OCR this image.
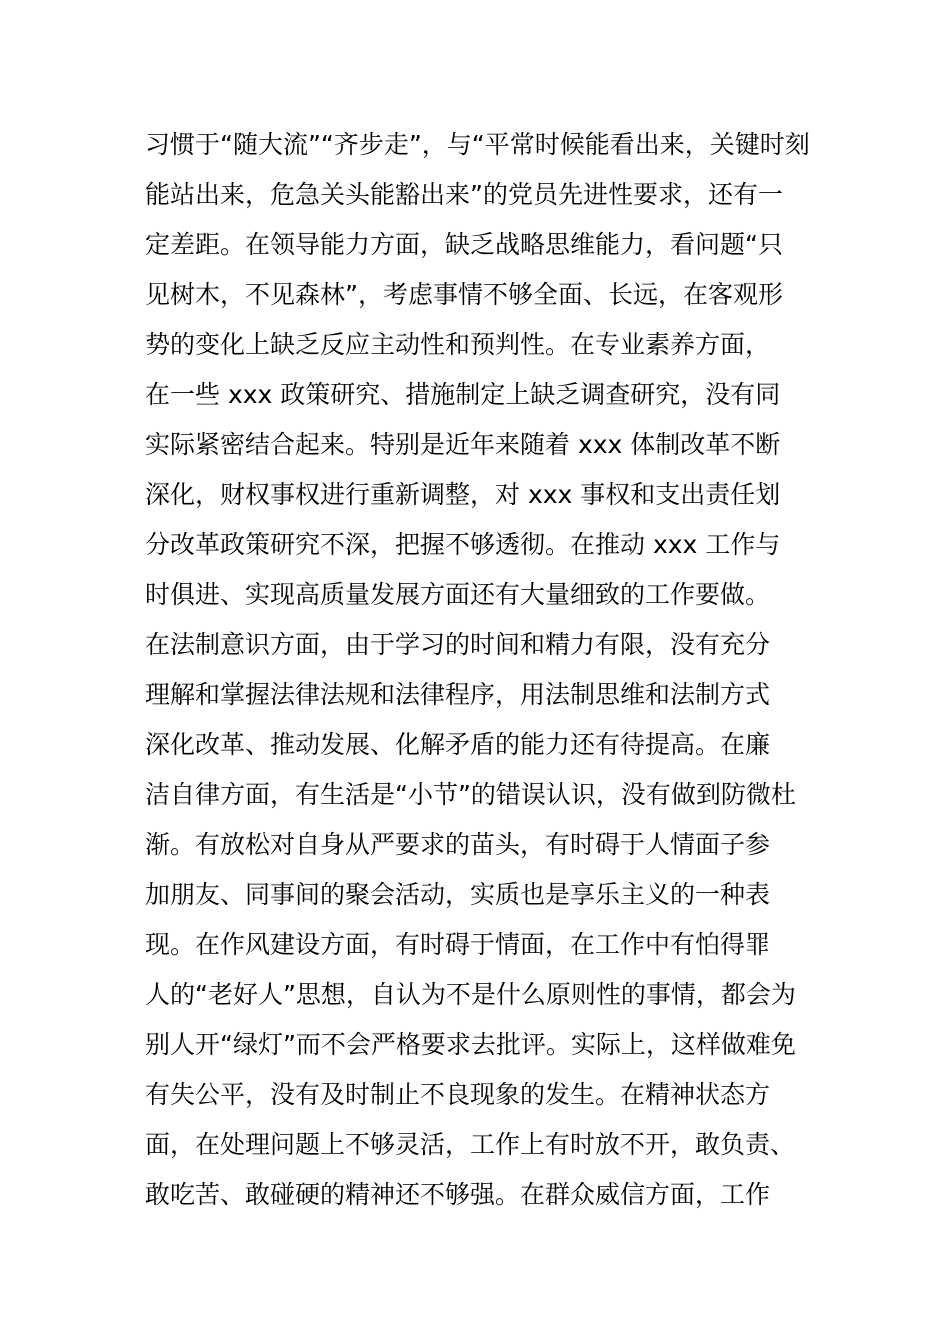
习惯于“随大流”“齐步走”，与“平常时候能看出来，关键时刻
能站出来，危急关头能豁出来”的党员先进性要求，还有一
定差距。在领导能力方面，缺乏战略思维能力，看问题“只
见树木，不见森林”，考虑事情不够全面、长远，在客观形
势的变化上缺乏反应主动性和预判性。在专业素养方面，
在一些 xxx 政策研究、措施制定上缺乏调查研究，没有同
实际紧密结合起来。特别是近年来随着 xxx 体制改革不断
深化，财权事权进行重新调整，对 xxx 事权和支出责任划
分改革政策研究不深，把握不够透彻。在推动 xxx 工作与
时俱进、实现高质量发展方面还有大量细致的工作要做。
在法制意识方面，由于学习的时间和精力有限，没有充分
理解和掌握法律法规和法律程序，用法制思维和法制方式
深化改革、推动发展、化解矛盾的能力还有待提高。在廉
洁自律方面，有生活是“小节”的错误认识，没有做到防微杜
渐。有放松对自身从严要求的苗头，有时碍于人情面子参
加朋友、同事间的聚会活动，实质也是享乐主义的一种表
现。在作风建设方面，有时碍于情面，在工作中有怕得罪
人的“老好人”思想，自认为不是什么原则性的事情，都会为
别人开“绿灯”而不会严格要求去批评。实际上，这样做难免
有失公平，没有及时制止不良现象的发生。在精神状态方
面，在处理问题上不够灵活，工作上有时放不开，敢负责、
敢吃苦、敢碰硬的精神还不够强。在群众威信方面，工作
